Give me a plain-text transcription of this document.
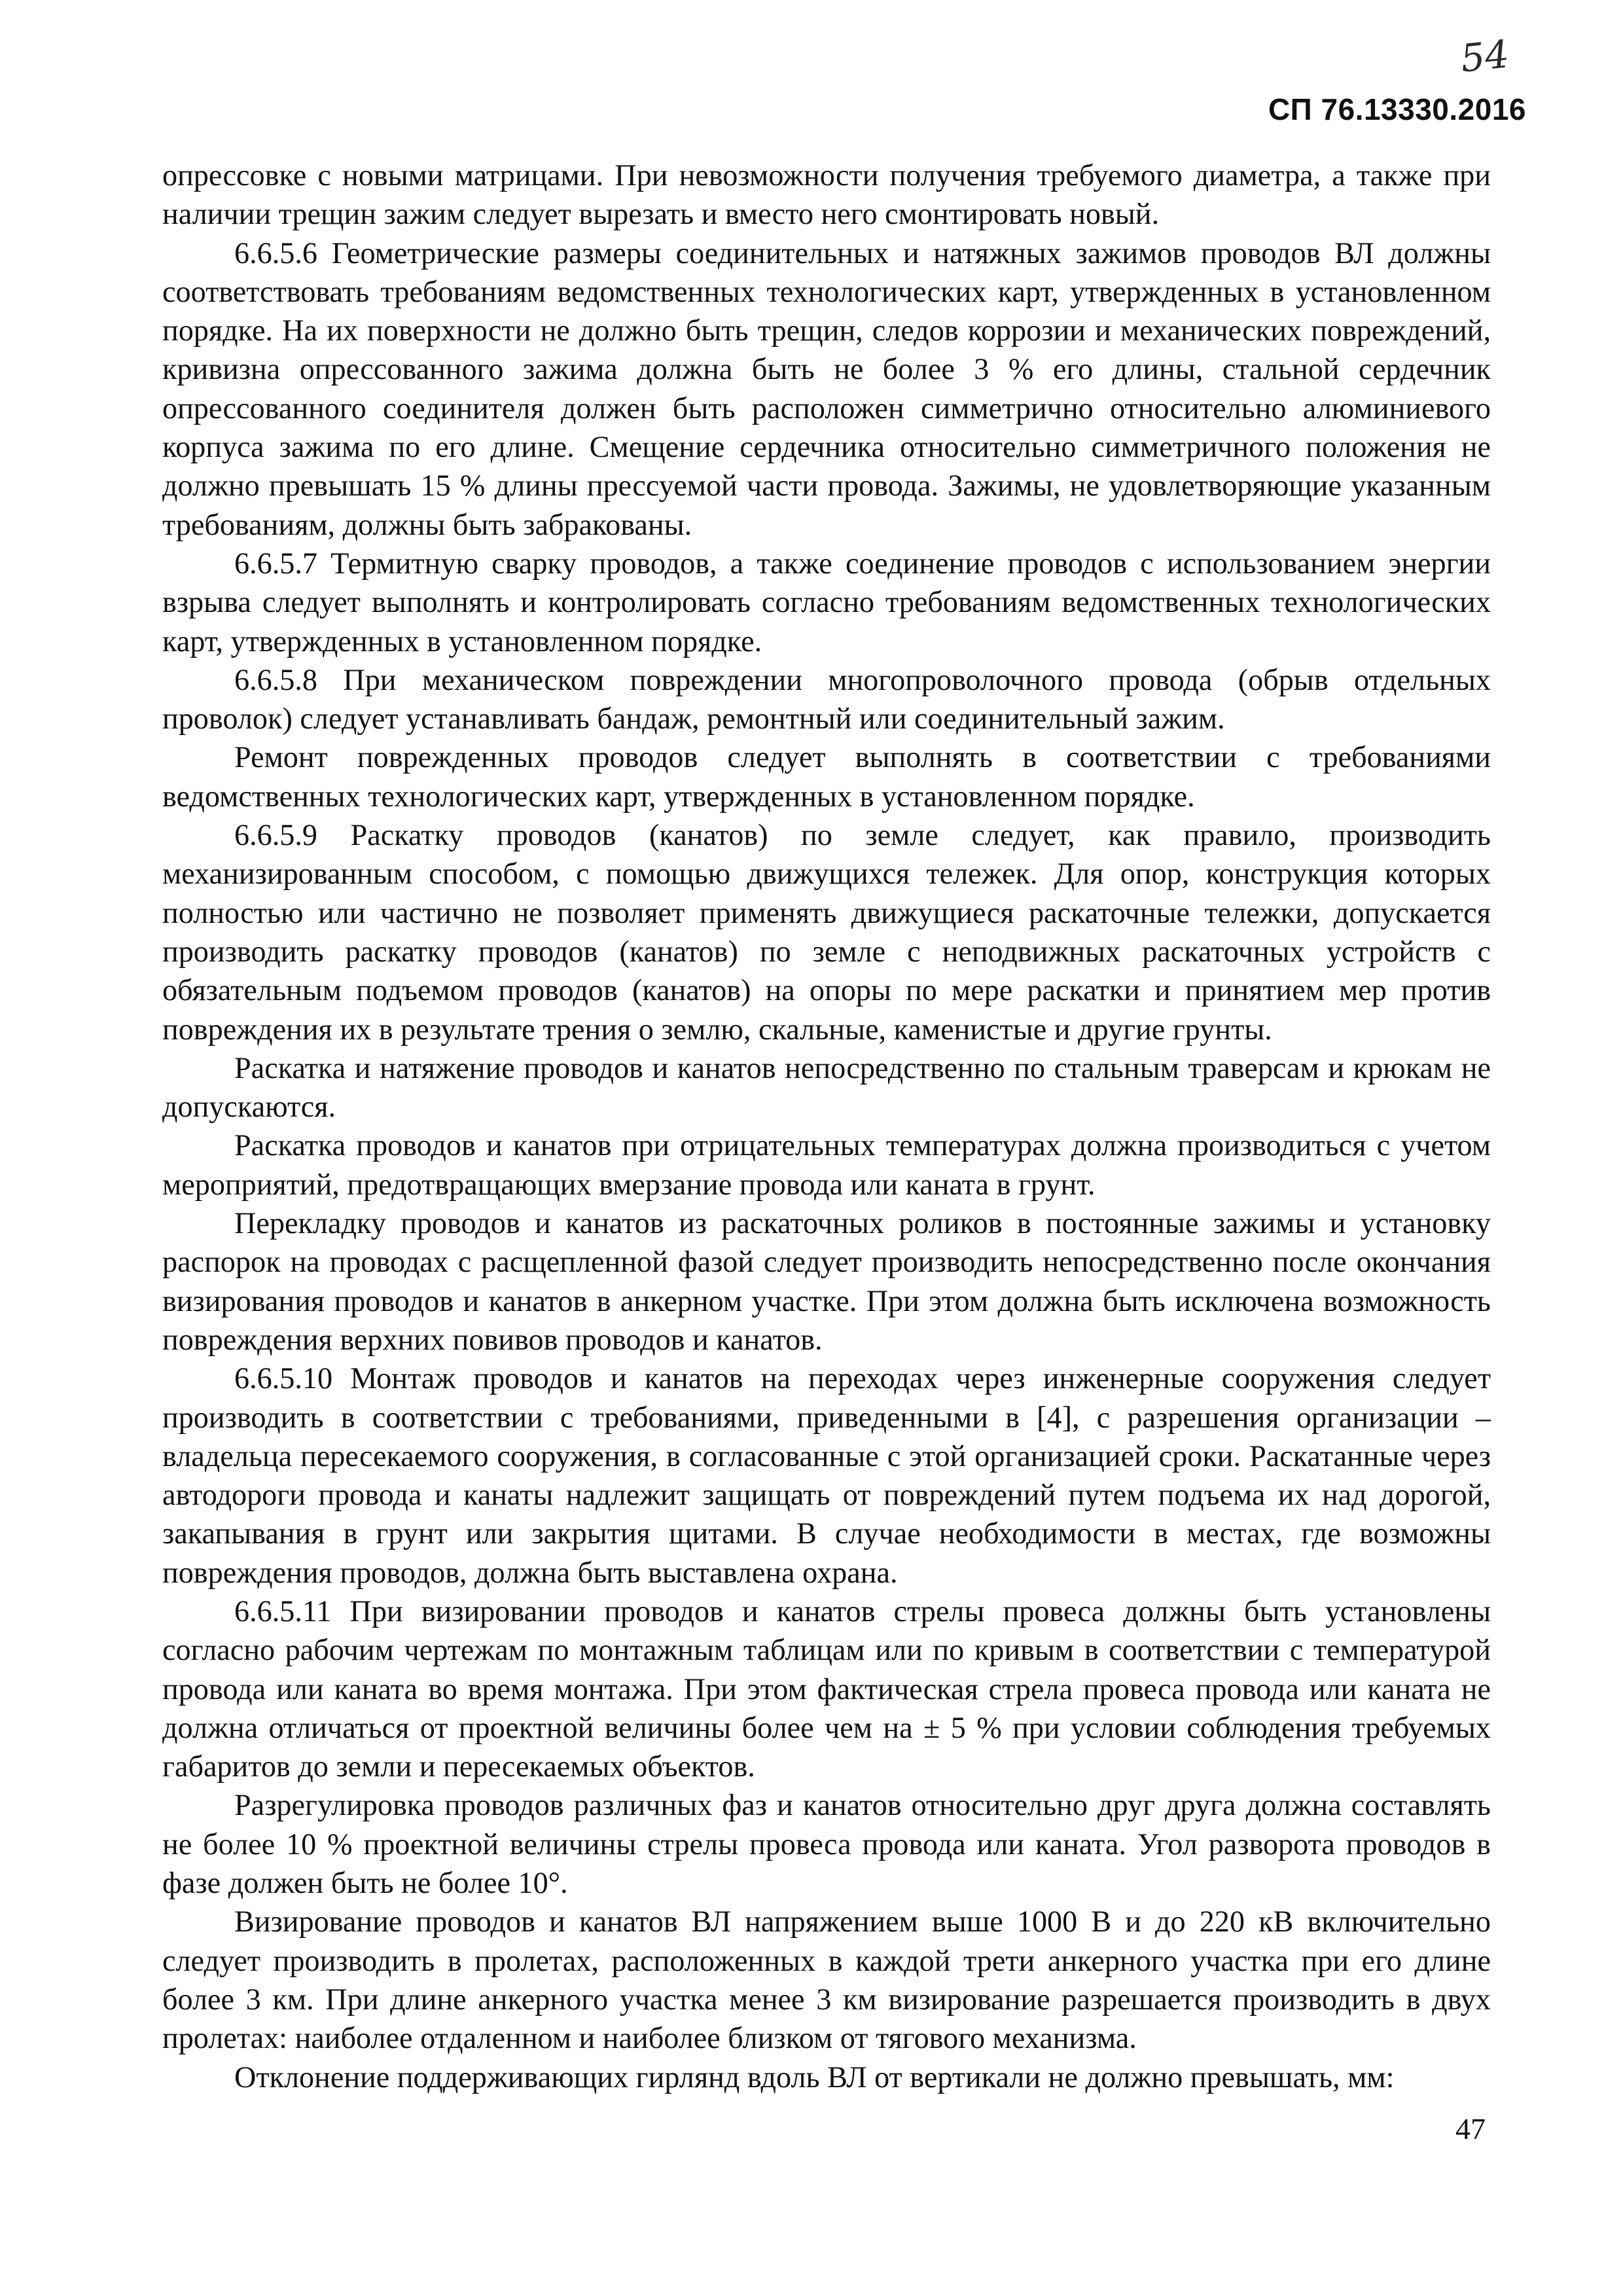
54
СП 76.13330.2016

опрессовке с новыми матрицами. При невозможности получения требуемого диаметра, а также при наличии трещин зажим следует вырезать и вместо него смонтировать новый.

6.6.5.6 Геометрические размеры соединительных и натяжных зажимов проводов ВЛ должны соответствовать требованиям ведомственных технологических карт, утвержденных в установленном порядке. На их поверхности не должно быть трещин, следов коррозии и механических повреждений, кривизна опрессованного зажима должна быть не более 3 % его длины, стальной сердечник опрессованного соединителя должен быть расположен симметрично относительно алюминиевого корпуса зажима по его длине. Смещение сердечника относительно симметричного положения не должно превышать 15 % длины прессуемой части провода. Зажимы, не удовлетворяющие указанным требованиям, должны быть забракованы.

6.6.5.7 Термитную сварку проводов, а также соединение проводов с использованием энергии взрыва следует выполнять и контролировать согласно требованиям ведомственных технологических карт, утвержденных в установленном порядке.

6.6.5.8 При механическом повреждении многопроволочного провода (обрыв отдельных проволок) следует устанавливать бандаж, ремонтный или соединительный зажим.

Ремонт поврежденных проводов следует выполнять в соответствии с требованиями ведомственных технологических карт, утвержденных в установленном порядке.

6.6.5.9 Раскатку проводов (канатов) по земле следует, как правило, производить механизированным способом, с помощью движущихся тележек. Для опор, конструкция которых полностью или частично не позволяет применять движущиеся раскаточные тележки, допускается производить раскатку проводов (канатов) по земле с неподвижных раскаточных устройств с обязательным подъемом проводов (канатов) на опоры по мере раскатки и принятием мер против повреждения их в результате трения о землю, скальные, каменистые и другие грунты.

Раскатка и натяжение проводов и канатов непосредственно по стальным траверсам и крюкам не допускаются.

Раскатка проводов и канатов при отрицательных температурах должна производиться с учетом мероприятий, предотвращающих вмерзание провода или каната в грунт.

Перекладку проводов и канатов из раскаточных роликов в постоянные зажимы и установку распорок на проводах с расщепленной фазой следует производить непосредственно после окончания визирования проводов и канатов в анкерном участке. При этом должна быть исключена возможность повреждения верхних повивов проводов и канатов.

6.6.5.10 Монтаж проводов и канатов на переходах через инженерные сооружения следует производить в соответствии с требованиями, приведенными в [4], с разрешения организации – владельца пересекаемого сооружения, в согласованные с этой организацией сроки. Раскатанные через автодороги провода и канаты надлежит защищать от повреждений путем подъема их над дорогой, закапывания в грунт или закрытия щитами. В случае необходимости в местах, где возможны повреждения проводов, должна быть выставлена охрана.

6.6.5.11 При визировании проводов и канатов стрелы провеса должны быть установлены согласно рабочим чертежам по монтажным таблицам или по кривым в соответствии с температурой провода или каната во время монтажа. При этом фактическая стрела провеса провода или каната не должна отличаться от проектной величины более чем на ± 5 % при условии соблюдения требуемых габаритов до земли и пересекаемых объектов.

Разрегулировка проводов различных фаз и канатов относительно друг друга должна составлять не более 10 % проектной величины стрелы провеса провода или каната. Угол разворота проводов в фазе должен быть не более 10°.

Визирование проводов и канатов ВЛ напряжением выше 1000 В и до 220 кВ включительно следует производить в пролетах, расположенных в каждой трети анкерного участка при его длине более 3 км. При длине анкерного участка менее 3 км визирование разрешается производить в двух пролетах: наиболее отдаленном и наиболее близком от тягового механизма.

Отклонение поддерживающих гирлянд вдоль ВЛ от вертикали не должно превышать, мм:

47
